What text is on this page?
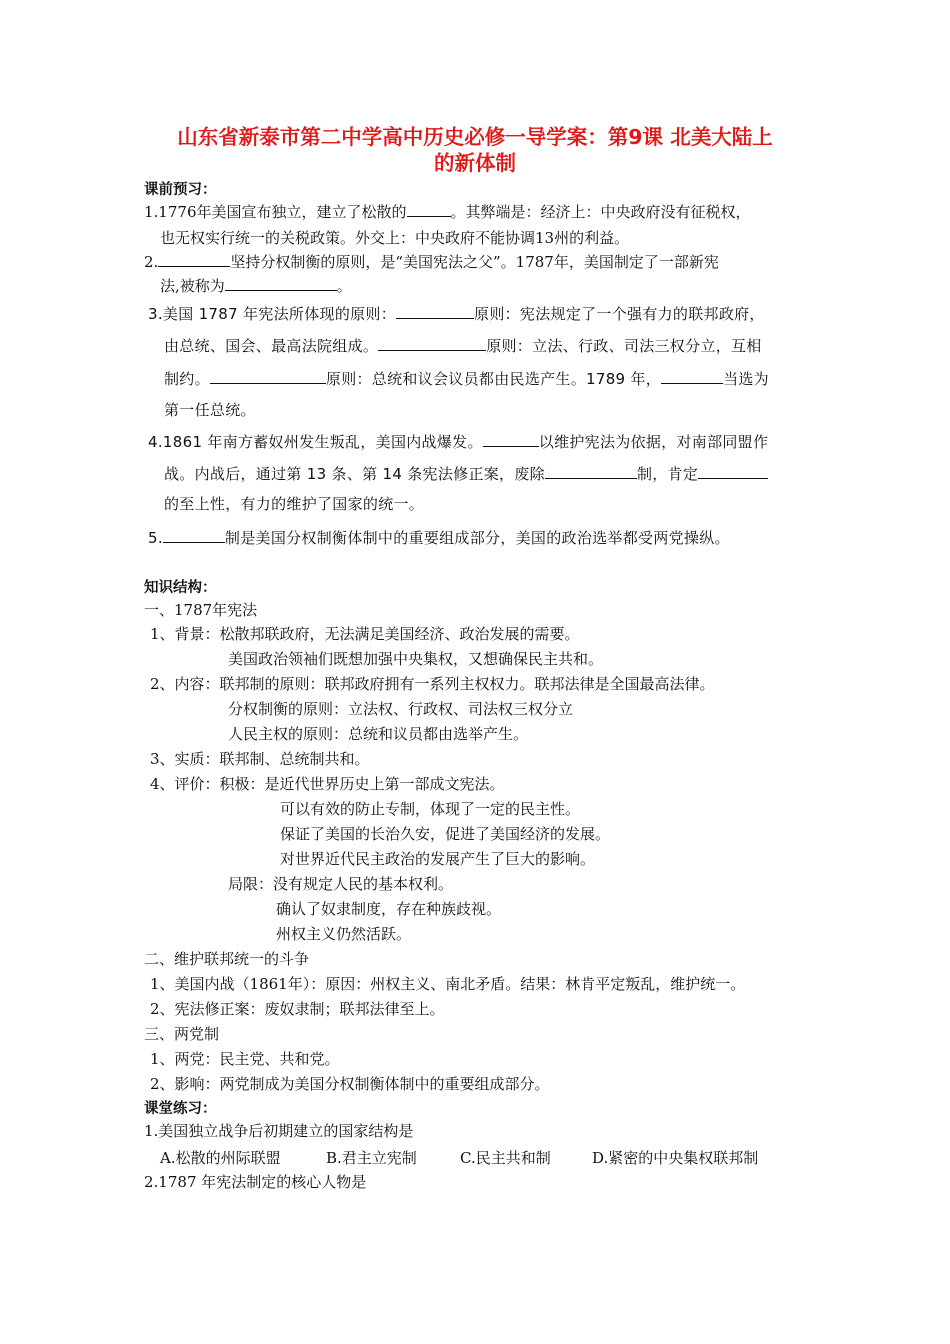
山东省新泰市第二中学高中历史必修一导学案：第9课 北美大陆上
的新体制
课前预习：
1.1776年美国宣布独立，建立了松散的	。其弊端是：经济上：中央政府没有征税权，
也无权实行统一的关税政策。外交上：中央政府不能协调13州的利益。
2.	坚持分权制衡的原则，是“美国宪法之父”。1787年，美国制定了一部新宪
法,被称为	。
3.美国 1787 年宪法所体现的原则：	原则：宪法规定了一个强有力的联邦政府，
由总统、国会、最高法院组成。	原则：立法、行政、司法三权分立，互相
制约。	原则：总统和议会议员都由民选产生。1789 年，	当选为
第一任总统。
4.1861 年南方蓄奴州发生叛乱，美国内战爆发。	以维护宪法为依据，对南部同盟作
战。内战后，通过第 13 条、第 14 条宪法修正案，废除	制，肯定
的至上性，有力的维护了国家的统一。
5.	制是美国分权制衡体制中的重要组成部分，美国的政治选举都受两党操纵。
知识结构：
一、1787年宪法
1、背景：松散邦联政府，无法满足美国经济、政治发展的需要。
美国政治领袖们既想加强中央集权，又想确保民主共和。
2、内容：联邦制的原则：联邦政府拥有一系列主权权力。联邦法律是全国最高法律。
分权制衡的原则：立法权、行政权、司法权三权分立
人民主权的原则：总统和议员都由选举产生。
3、实质：联邦制、总统制共和。
4、评价：积极：是近代世界历史上第一部成文宪法。
可以有效的防止专制，体现了一定的民主性。
保证了美国的长治久安，促进了美国经济的发展。
对世界近代民主政治的发展产生了巨大的影响。
局限：没有规定人民的基本权利。
确认了奴隶制度，存在种族歧视。
州权主义仍然活跃。
二、维护联邦统一的斗争
1、美国内战（1861年）：原因：州权主义、南北矛盾。结果：林肯平定叛乱，维护统一。
2、宪法修正案：废奴隶制；联邦法律至上。
三、两党制
1、两党：民主党、共和党。
2、影响：两党制成为美国分权制衡体制中的重要组成部分。
课堂练习：
1.美国独立战争后初期建立的国家结构是
A.松散的州际联盟	B.君主立宪制	C.民主共和制	D.紧密的中央集权联邦制
2.1787 年宪法制定的核心人物是
